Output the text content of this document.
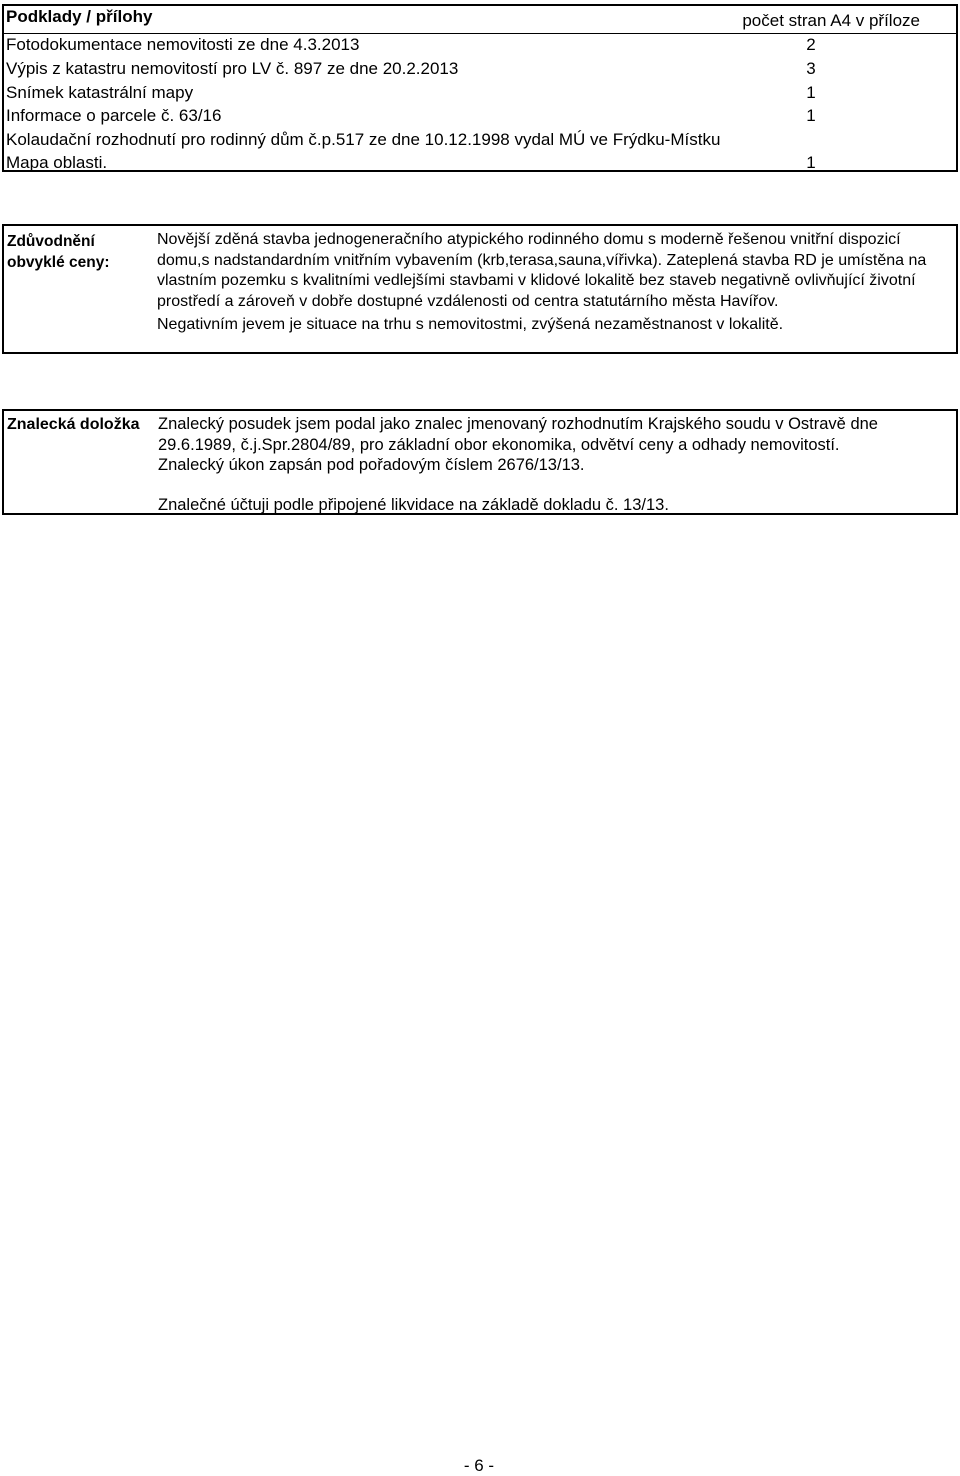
Podklady / přílohy	počet stran A4 v příloze
Fotodokumentace nemovitosti ze dne 4.3.2013	2
Výpis z katastru nemovitostí pro LV č. 897 ze dne 20.2.2013	3
Snímek katastrální mapy	1
Informace o parcele č. 63/16	1
Kolaudační rozhodnutí pro rodinný dům č.p.517 ze dne 10.12.1998 vydal MÚ ve Frýdku-Místku
Mapa oblasti.	1
Zdůvodnění obvyklé ceny:

Novější zděná stavba jednogeneračního atypického rodinného domu s moderně řešenou vnitřní dispozicí domu,s nadstandardním vnitřním vybavením (krb,terasa,sauna,vířivka). Zateplená stavba RD je umístěna na vlastním pozemku s kvalitními vedlejšími stavbami v klidové lokalitě bez staveb negativně ovlivňující životní prostředí a zároveň v dobře dostupné vzdálenosti od centra statutárního města Havířov.

Negativním jevem je situace na trhu s nemovitostmi, zvýšená nezaměstnanost v lokalitě.

Znalecká doložka Znalecký posudek jsem podal jako znalec jmenovaný rozhodnutím Krajského soudu v Ostravě dne 29.6.1989, č.j.Spr.2804/89, pro základní obor ekonomika, odvětví ceny a odhady nemovitostí.

Znalecký úkon zapsán pod pořadovým číslem 2676/13/13.

Znalečné účtuji podle připojené likvidace na základě dokladu č. 13/13.

- 6 -
